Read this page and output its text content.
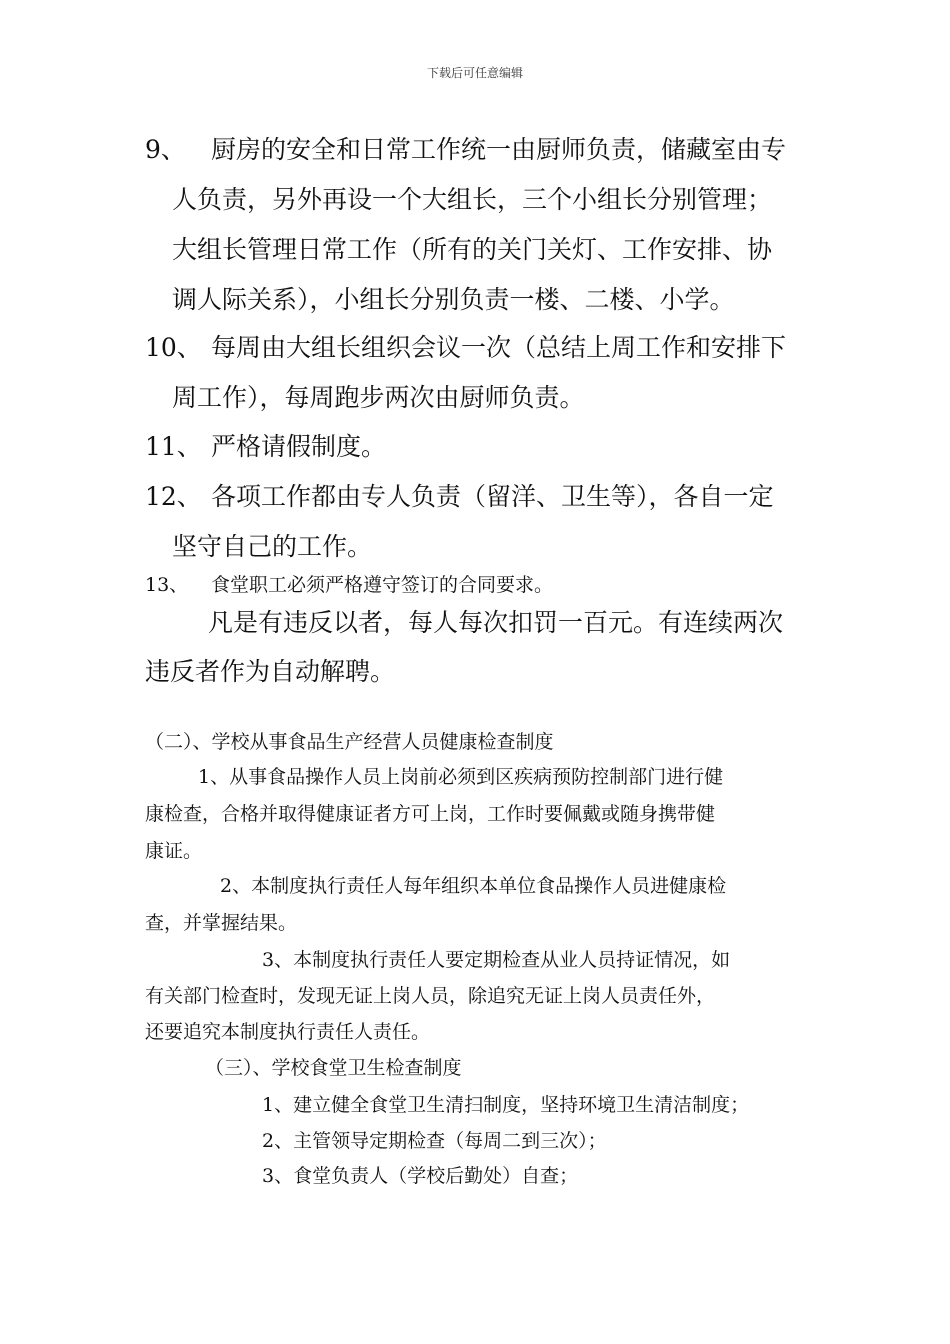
下载后可任意编辑
9、 厨房的安全和日常工作统一由厨师负责，储藏室由专
人负责，另外再设一个大组长，三个小组长分别管理；
大组长管理日常工作（所有的关门关灯、工作安排、协
调人际关系），小组长分别负责一楼、二楼、小学。
10、 每周由大组长组织会议一次（总结上周工作和安排下
周工作），每周跑步两次由厨师负责。
11、 严格请假制度。
12、 各项工作都由专人负责（留洋、卫生等），各自一定
坚守自己的工作。
13、 食堂职工必须严格遵守签订的合同要求。
凡是有违反以者，每人每次扣罚一百元。有连续两次
违反者作为自动解聘。
（二）、学校从事食品生产经营人员健康检查制度
1、从事食品操作人员上岗前必须到区疾病预防控制部门进行健
康检查，合格并取得健康证者方可上岗，工作时要佩戴或随身携带健
康证。
2、本制度执行责任人每年组织本单位食品操作人员进健康检
查，并掌握结果。
3、本制度执行责任人要定期检查从业人员持证情况，如
有关部门检查时，发现无证上岗人员，除追究无证上岗人员责任外，
还要追究本制度执行责任人责任。
（三）、学校食堂卫生检查制度
1、建立健全食堂卫生清扫制度，坚持环境卫生清洁制度；
2、主管领导定期检查（每周二到三次）；
3、食堂负责人（学校后勤处）自查；
